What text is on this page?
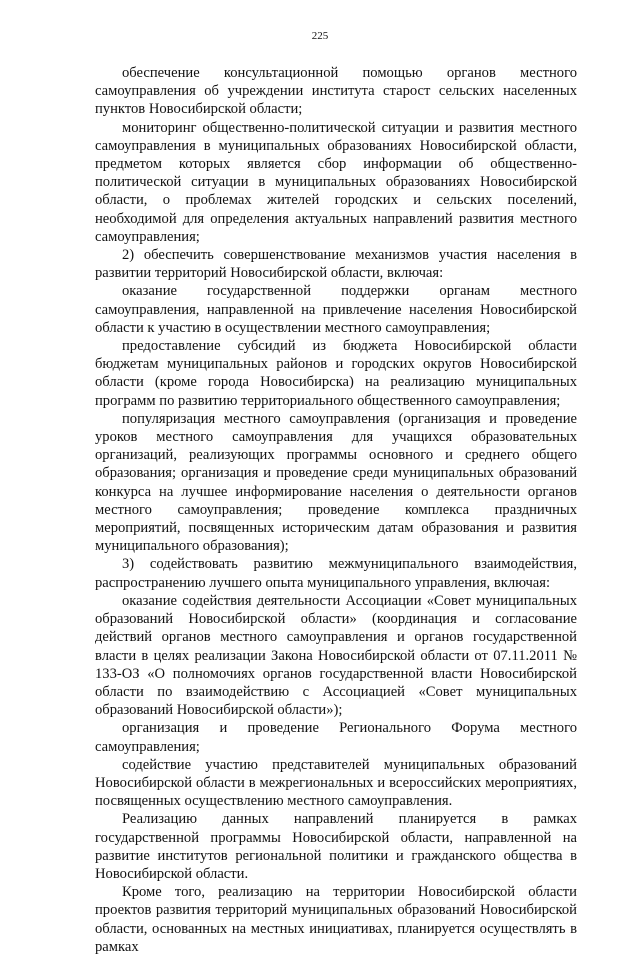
225

обеспечение консультационной помощью органов местного самоуправления об учреждении института старост сельских населенных пунктов Новосибирской области;

мониторинг общественно-политической ситуации и развития местного самоуправления в муниципальных образованиях Новосибирской области, предметом которых является сбор информации об общественно-политической ситуации в муниципальных образованиях Новосибирской области, о проблемах жителей городских и сельских поселений, необходимой для определения актуальных направлений развития местного самоуправления;

2) обеспечить совершенствование механизмов участия населения в развитии территорий Новосибирской области, включая:

оказание государственной поддержки органам местного самоуправления, направленной на привлечение населения Новосибирской области к участию в осуществлении местного самоуправления;

предоставление субсидий из бюджета Новосибирской области бюджетам муниципальных районов и городских округов Новосибирской области (кроме города Новосибирска) на реализацию муниципальных программ по развитию территориального общественного самоуправления;

популяризация местного самоуправления (организация и проведение уроков местного самоуправления для учащихся образовательных организаций, реализующих программы основного и среднего общего образования; организация и проведение среди муниципальных образований конкурса на лучшее информирование населения о деятельности органов местного самоуправления; проведение комплекса праздничных мероприятий, посвященных историческим датам образования и развития муниципального образования);

3) содействовать развитию межмуниципального взаимодействия, распространению лучшего опыта муниципального управления, включая:

оказание содействия деятельности Ассоциации «Совет муниципальных образований Новосибирской области» (координация и согласование действий органов местного самоуправления и органов государственной власти в целях реализации Закона Новосибирской области от 07.11.2011 № 133-ОЗ «О полномочиях органов государственной власти Новосибирской области по взаимодействию с Ассоциацией «Совет муниципальных образований Новосибирской области»);

организация и проведение Регионального Форума местного самоуправления;

содействие участию представителей муниципальных образований Новосибирской области в межрегиональных и всероссийских мероприятиях, посвященных осуществлению местного самоуправления.

Реализацию данных направлений планируется в рамках государственной программы Новосибирской области, направленной на развитие институтов региональной политики и гражданского общества в Новосибирской области.

Кроме того, реализацию на территории Новосибирской области проектов развития территорий муниципальных образований Новосибирской области, основанных на местных инициативах, планируется осуществлять в рамках
